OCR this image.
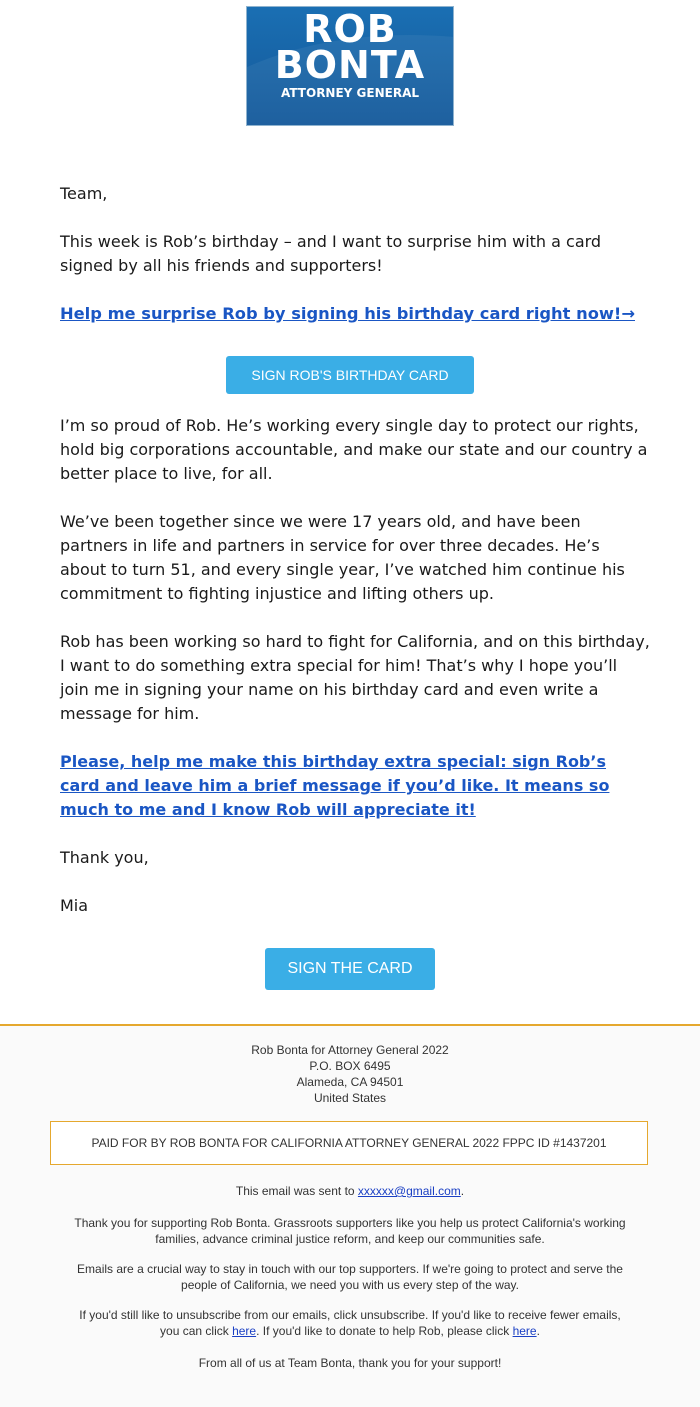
ROB
BONTA
ATTORNEY GENERAL

Team,

This week is Rob’s birthday – and I want to surprise him with a card signed by all his friends and supporters!

Help me surprise Rob by signing his birthday card right now!→

SIGN ROB'S BIRTHDAY CARD

I’m so proud of Rob. He’s working every single day to protect our rights, hold big corporations accountable, and make our state and our country a better place to live, for all.

We’ve been together since we were 17 years old, and have been partners in life and partners in service for over three decades. He’s about to turn 51, and every single year, I’ve watched him continue his commitment to fighting injustice and lifting others up.

Rob has been working so hard to fight for California, and on this birthday, I want to do something extra special for him! That’s why I hope you’ll join me in signing your name on his birthday card and even write a message for him.

Please, help me make this birthday extra special: sign Rob’s card and leave him a brief message if you’d like. It means so much to me and I know Rob will appreciate it!

Thank you,

Mia

SIGN THE CARD
Rob Bonta for Attorney General 2022
P.O. BOX 6495
Alameda, CA 94501
United States
PAID FOR BY ROB BONTA FOR CALIFORNIA ATTORNEY GENERAL 2022 FPPC ID #1437201

This email was sent to xxxxxx@gmail.com.

Thank you for supporting Rob Bonta. Grassroots supporters like you help us protect California's working families, advance criminal justice reform, and keep our communities safe.

Emails are a crucial way to stay in touch with our top supporters. If we're going to protect and serve the people of California, we need you with us every step of the way.

If you'd still like to unsubscribe from our emails, click unsubscribe. If you'd like to receive fewer emails, you can click here. If you'd like to donate to help Rob, please click here.

From all of us at Team Bonta, thank you for your support!
